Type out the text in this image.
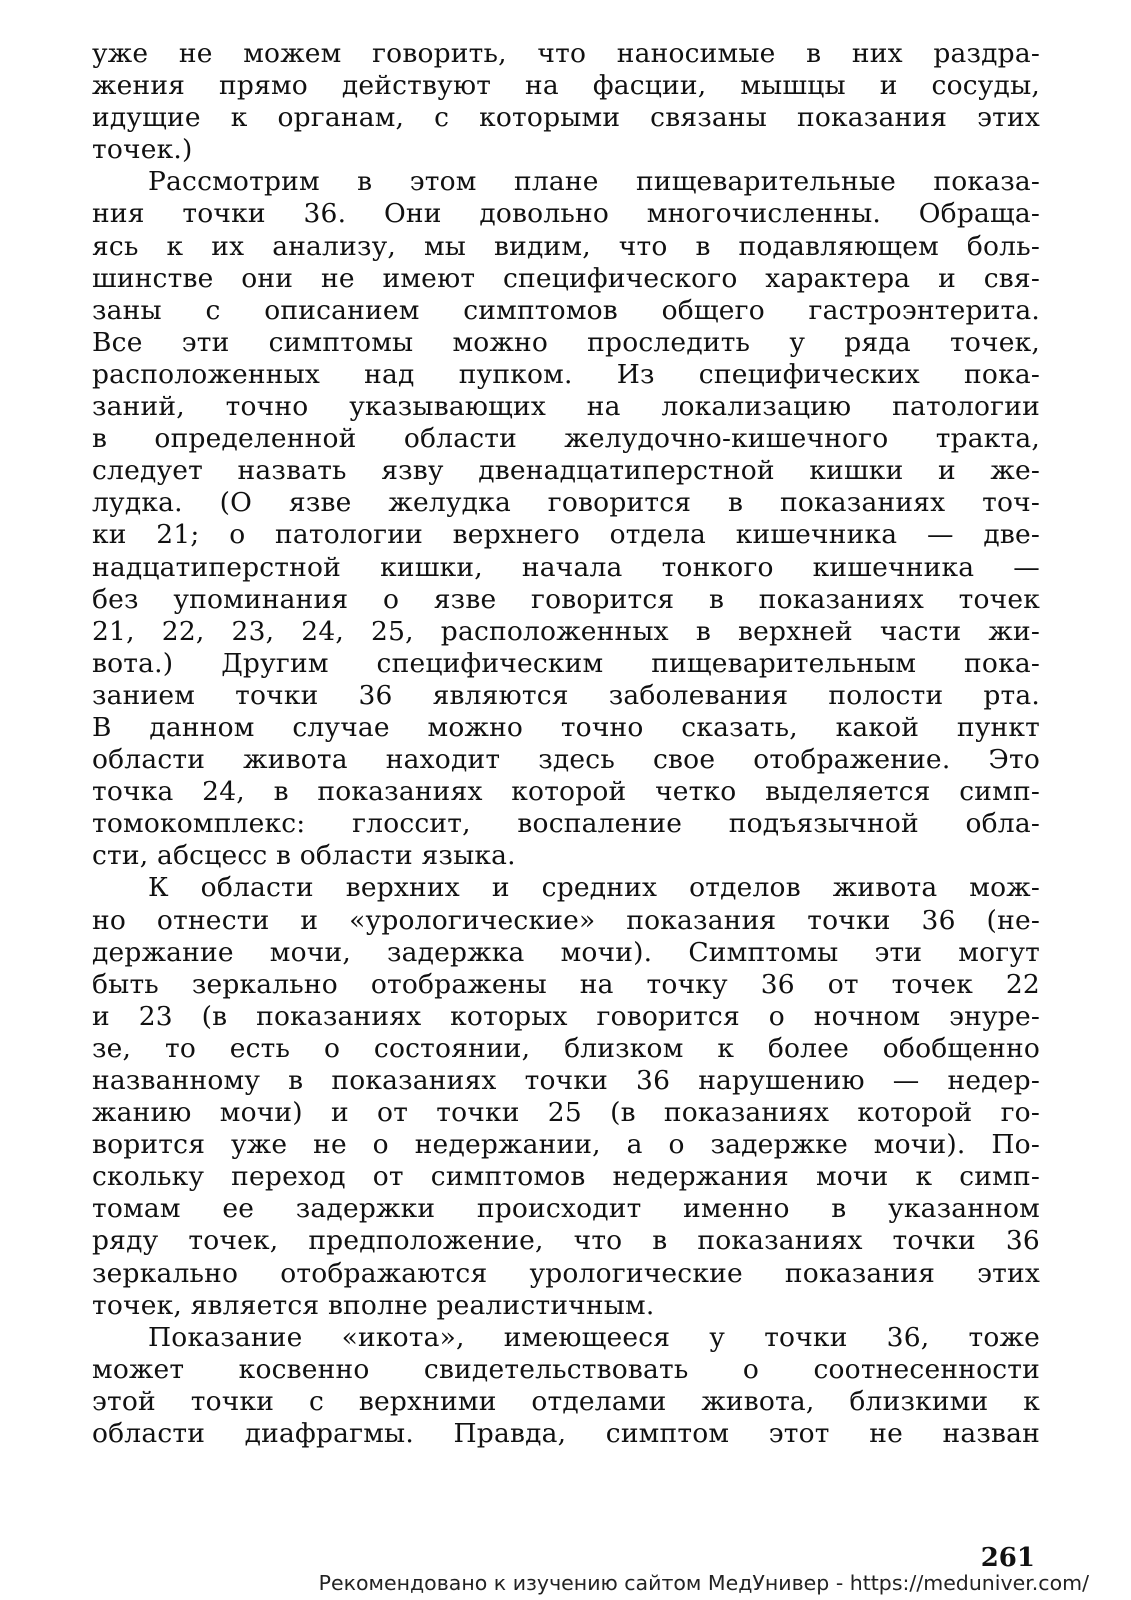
уже не можем говорить, что наносимые в них раздра-
жения прямо действуют на фасции, мышцы и сосуды,
идущие к органам, с которыми связаны показания этих
точек.)
Рассмотрим в этом плане пищеварительные показа-
ния точки 36. Они довольно многочисленны. Обраща-
ясь к их анализу, мы видим, что в подавляющем боль-
шинстве они не имеют специфического характера и свя-
заны с описанием симптомов общего гастроэнтерита.
Все эти симптомы можно проследить у ряда точек,
расположенных над пупком. Из специфических пока-
заний, точно указывающих на локализацию патологии
в определенной области желудочно-кишечного тракта,
следует назвать язву двенадцатиперстной кишки и же-
лудка. (О язве желудка говорится в показаниях точ-
ки 21; о патологии верхнего отдела кишечника — две-
надцатиперстной кишки, начала тонкого кишечника —
без упоминания о язве говорится в показаниях точек
21, 22, 23, 24, 25, расположенных в верхней части жи-
вота.) Другим специфическим пищеварительным пока-
занием точки 36 являются заболевания полости рта.
В данном случае можно точно сказать, какой пункт
области живота находит здесь свое отображение. Это
точка 24, в показаниях которой четко выделяется симп-
томокомплекс: глоссит, воспаление подъязычной обла-
сти, абсцесс в области языка.
К области верхних и средних отделов живота мож-
но отнести и «урологические» показания точки 36 (не-
держание мочи, задержка мочи). Симптомы эти могут
быть зеркально отображены на точку 36 от точек 22
и 23 (в показаниях которых говорится о ночном энуре-
зе, то есть о состоянии, близком к более обобщенно
названному в показаниях точки 36 нарушению — недер-
жанию мочи) и от точки 25 (в показаниях которой го-
ворится уже не о недержании, а о задержке мочи). По-
скольку переход от симптомов недержания мочи к симп-
томам ее задержки происходит именно в указанном
ряду точек, предположение, что в показаниях точки 36
зеркально отображаются урологические показания этих
точек, является вполне реалистичным.
Показание «икота», имеющееся у точки 36, тоже
может косвенно свидетельствовать о соотнесенности
этой точки с верхними отделами живота, близкими к
области диафрагмы. Правда, симптом этот не назван
261
Рекомендовано к изучению сайтом МедУнивер - https://meduniver.com/
